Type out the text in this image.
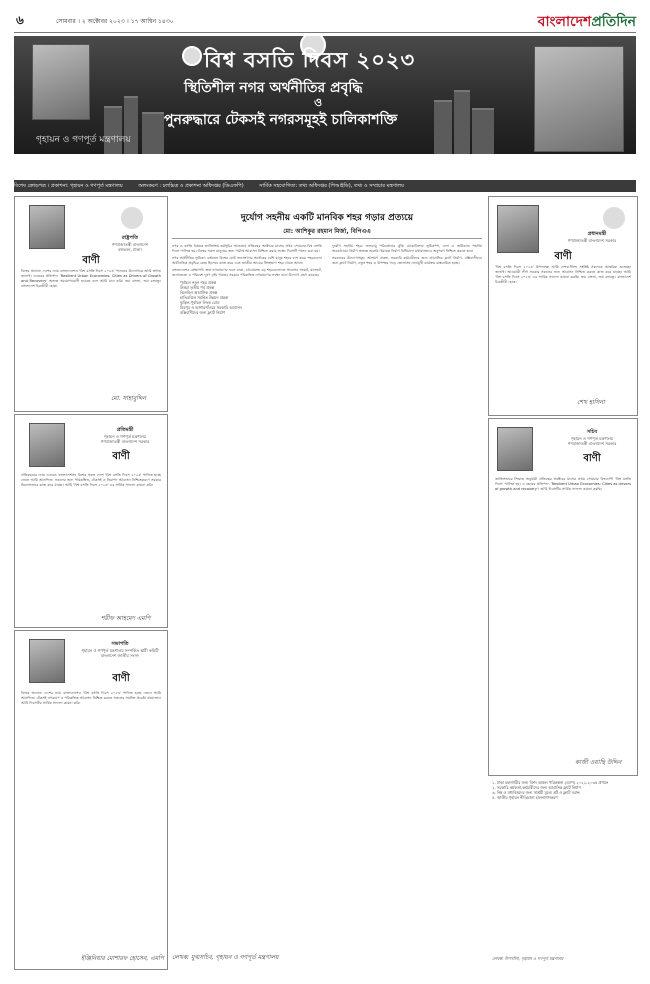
৬	সোমবার । ২ অক্টোবর ২০২৩ । ১৭ আশ্বিন ১৪৩০	বাংলাদেশপ্রতিদিন
বিশ্ব বসতি দিবস ২০২৩
স্থিতিশীল নগর অর্থনীতির প্রবৃদ্ধি
ও
পুনরুদ্ধারে টেকসই নগরসমূহই চালিকাশক্তি
গৃহায়ন ও গণপূর্ত মন্ত্রণালয়
বিশেষ ক্রোড়পত্র । প্রকাশনা: গৃহায়ন ও গণপূর্ত মন্ত্রণালয়	অলংকরণ : চলচ্চিত্র ও প্রকাশনা অধিদপ্তর (ডিএফপি)	সার্বিক সহযোগিতা: তথ্য অধিদপ্তর (পিআইডি), তথ্য ও সম্প্রচার মন্ত্রণালয়
রাষ্ট্রপতি
গণপ্রজাতন্ত্রী বাংলাদেশ
বঙ্গভবন, ঢাকা।
বাণী
বিশ্বের অন্যান্য দেশের ন্যায় বাংলাদেশেও 'বিশ্ব বসতি দিবস ২০২৩' পালনের উদ্যোগকে আমি স্বাগত জানাই। এবারের প্রতিপাদ্য 'Resilient Urban Economies: Cities as Drivers of Growth and Recovery' অত্যন্ত সময়োপযোগী হয়েছে বলে আমি মনে করি। জয় বাংলা, জয় বঙ্গবন্ধু। বাংলাদেশ চিরজীবী হোক।
মো. সাহাবুদ্দিন
প্রতিমন্ত্রী
গৃহায়ন ও গণপূর্ত মন্ত্রণালয়
গণপ্রজাতন্ত্রী বাংলাদেশ সরকার
বাণী
প্রতিবছরের ন্যায় এবারও বাংলাদেশসহ বিশ্বের সকল দেশে 'বিশ্ব বসতি দিবস ২০২৩' পালিত হচ্ছে জেনে আমি আনন্দিত। সকলের জন্য পরিকল্পিত, টেকসই ও নিরাপদ আবাসন নিশ্চিতকরণে সরকার নিরলসভাবে কাজ করে যাচ্ছে। আমি 'বিশ্ব বসতি দিবস ২০২৩' এর সার্বিক সাফল্য কামনা করি।
শরীফ আহমেদ এমপি
সভাপতি
গৃহায়ন ও গণপূর্ত মন্ত্রণালয় সম্পর্কিত স্থায়ী কমিটি
বাংলাদেশ জাতীয় সংসদ
বাণী
বিশ্বের অন্যান্য দেশের ন্যায় বাংলাদেশেও 'বিশ্ব বসতি দিবস ২০২৩' পালিত হচ্ছে জেনে আমি আনন্দিত। টেকসই নগরায়ণ ও পরিকল্পিত আবাসন নিশ্চিত করতে সকলের সমন্বিত প্রচেষ্টা প্রয়োজন। আমি দিবসটির সার্বিক সাফল্য কামনা করি।
ইঞ্জিনিয়ার মোশারফ হোসেন, এমপি
দুর্যোগ সহনীয় একটি মানবিক শহর গড়ার প্রত্যয়ে
মো: আশিকুর রহমান মির্জা, বিপিএএ

নগর ও বসতি বিষয়ক জাতিসংঘ কর্মসূচির আওতায় প্রতিবছর অক্টোবর মাসের প্রথম সোমবার বিশ্ব বসতি দিবস পালিত হয়। বিশ্বের সকল মানুষের জন্য পর্যাপ্ত আবাসন নিশ্চিত করার লক্ষ্যে দিবসটি পালন করা হয়।

নগর অর্থনীতির ভূমিকা: বর্তমানে বিশ্বের মোট জনসংখ্যার অর্ধেকের বেশি মানুষ শহরে বাস করে। শহরগুলো অর্থনৈতিক প্রবৃদ্ধির কেন্দ্র হিসেবে কাজ করে এবং জাতীয় আয়ের সিংহভাগ শহর থেকে আসে।

বাংলাদেশের প্রেক্ষাপট: দ্রুত নগরায়ণের ফলে ঢাকা, চট্টগ্রামসহ বড় শহরগুলোতে আবাসন সংকট, যানজট, জলাবদ্ধতা ও পরিবেশ দূষণ বৃদ্ধি পাচ্ছে। সরকার পরিকল্পিত নগরায়ণের লক্ষ্যে নানা উদ্যোগ গ্রহণ করেছে।

• পূর্বাচল নতুন শহর প্রকল্প
• উত্তরা তৃতীয় পর্ব প্রকল্প
• ঝিলমিল আবাসিক প্রকল্প
• হাতিরঝিল সমন্বিত উন্নয়ন প্রকল্প
• কুড়িল-পূর্বাচল লিংক রোড
• মিরপুর ও আগারগাঁওয়ে সরকারি আবাসন
• বস্তিবাসীদের জন্য ফ্ল্যাট নির্মাণ

দুর্যোগ সহনীয় শহর: জলবায়ু পরিবর্তনের ঝুঁকি মোকাবিলায় ভূমিকম্প, বন্যা ও অগ্নিকাণ্ড সহনীয় অবকাঠামো নির্মাণ অত্যন্ত জরুরি। ইমারত নির্মাণ বিধিমালা যথাযথভাবে অনুসরণ নিশ্চিত করতে হবে।

সরকারের উদ্যোগসমূহ: আশ্রয়ণ প্রকল্প, সরকারি কর্মচারীদের জন্য আবাসিক ফ্ল্যাট নির্মাণ, বস্তিবাসীদের জন্য ফ্ল্যাট নির্মাণ, নতুন শহর ও উপশহর গড়ে তোলাসহ নানামুখী কার্যক্রম বাস্তবায়িত হচ্ছে।

লেখক: যুগ্মসচিব, গৃহায়ন ও গণপূর্ত মন্ত্রণালয়
প্রধানমন্ত্রী
গণপ্রজাতন্ত্রী বাংলাদেশ সরকার
বাণী
'বিশ্ব বসতি দিবস ২০২৩' উপলক্ষ্যে আমি দেশবাসীসহ সংশ্লিষ্ট সকলকে আন্তরিক শুভেচ্ছা জানাই। আওয়ামী লীগ সরকার সকলের জন্য আবাসন নিশ্চিত করতে কাজ করে যাচ্ছে। আমি 'বিশ্ব বসতি দিবস ২০২৩' এর সার্বিক সাফল্য কামনা করছি। জয় বাংলা, জয় বঙ্গবন্ধু। বাংলাদেশ চিরজীবী হোক।
শেখ হাসিনা
সচিব
গৃহায়ন ও গণপূর্ত মন্ত্রণালয়
গণপ্রজাতন্ত্রী বাংলাদেশ সরকার
বাণী
জাতিসংঘের সিদ্ধান্ত অনুযায়ী প্রতিবছর অক্টোবর মাসের প্রথম সোমবার বিশ্বব্যাপী 'বিশ্ব বসতি দিবস' পালিত হয়। এ বছরের প্রতিপাদ্য 'Resilient Urban Economies: Cities as drivers of growth and recovery'। আমি দিবসটির সার্বিক সাফল্য কামনা করছি।
কাজী ওয়াছি উদ্দিন
১. ঢাকা মহানগরীর জন্য বিশদ অঞ্চল পরিকল্পনা (ড্যাপ) ২০২২-২০৩৫ প্রণয়ন
২. সরকারি কর্মকর্তা-কর্মচারীদের জন্য আবাসিক ফ্ল্যাট নির্মাণ
৩. নিম্ন ও মধ্যবিত্তদের জন্য সাশ্রয়ী মূল্যে প্লট ও ফ্ল্যাট বরাদ্দ
৪. জাতীয় গৃহায়ন নীতিমালা হালনাগাদকরণ
লেখক: উপসচিব, গৃহায়ন ও গণপূর্ত মন্ত্রণালয়
